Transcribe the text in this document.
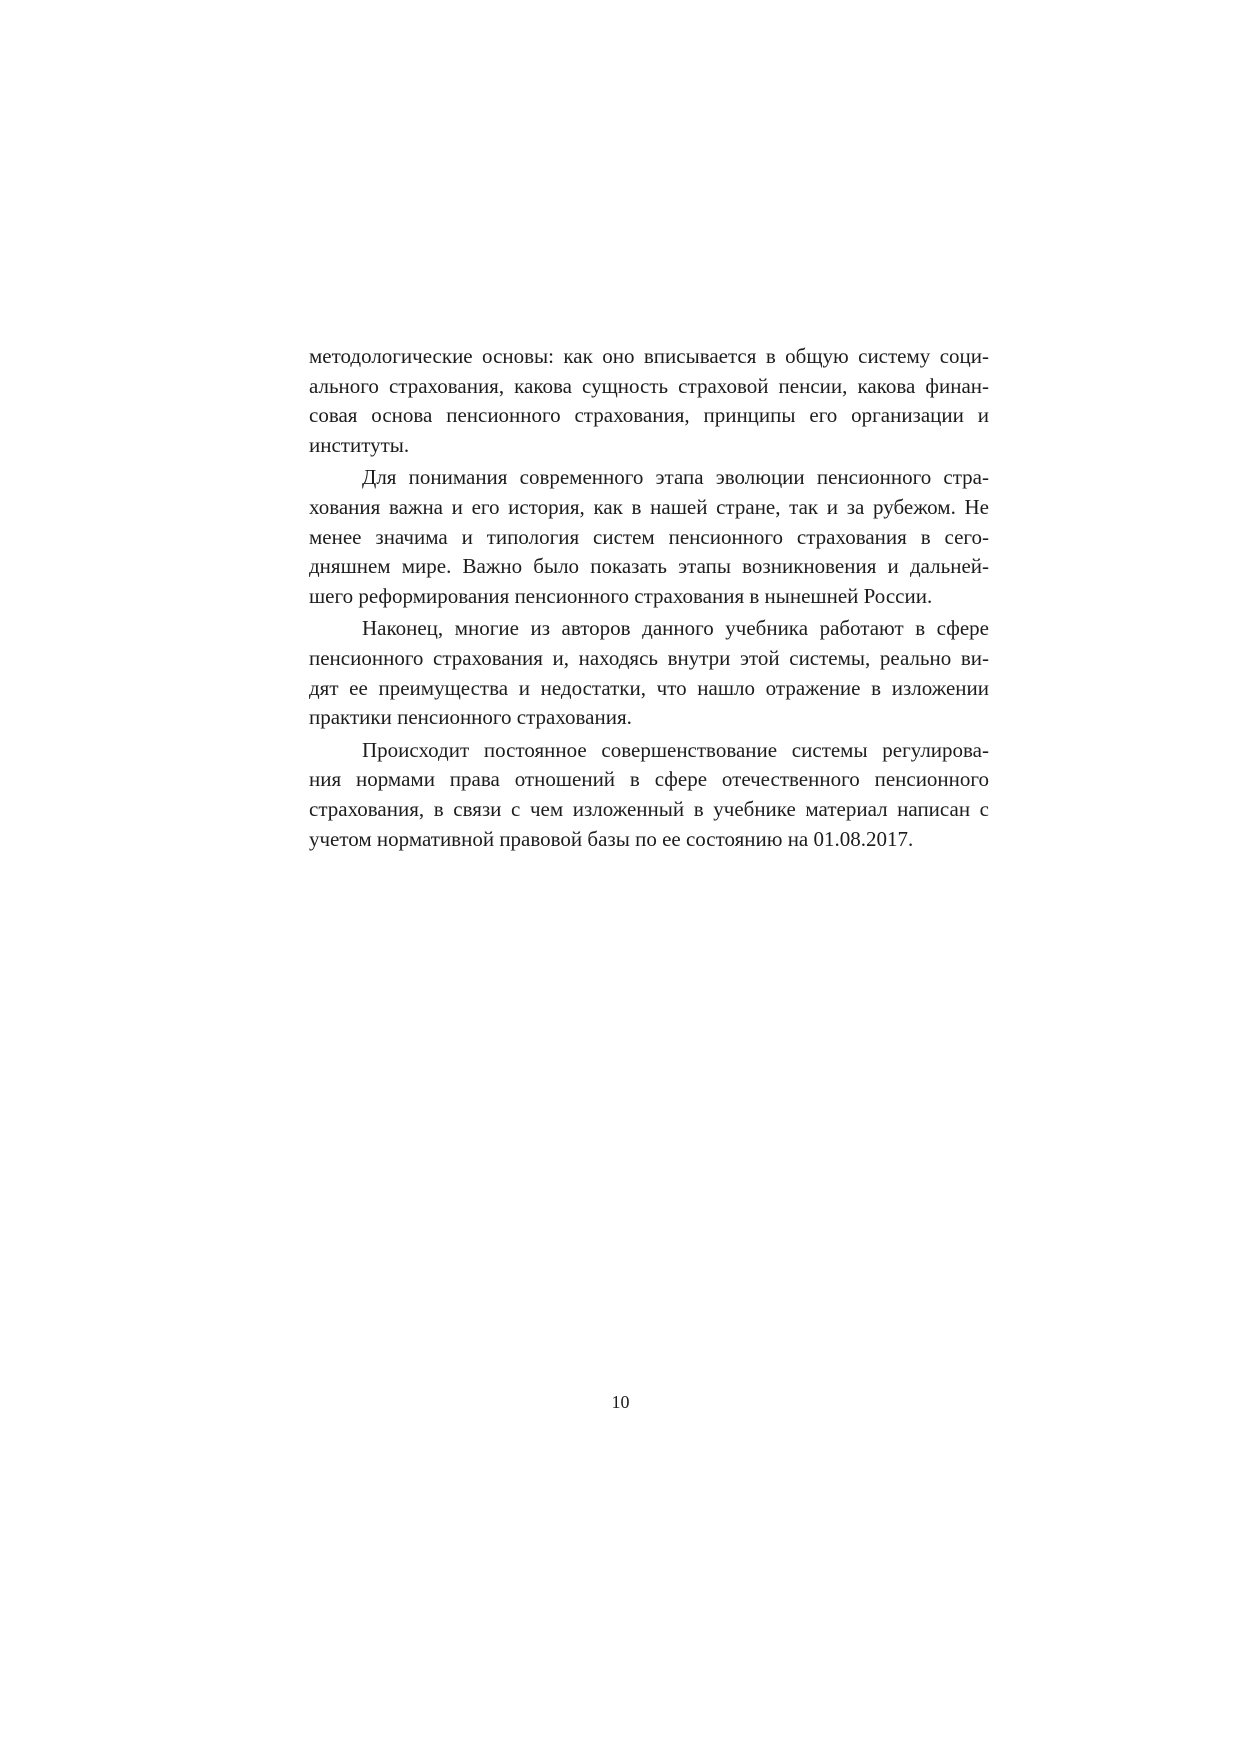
методологические основы: как оно вписывается в общую систему соци-
ального страхования, какова сущность страховой пенсии, какова финан-
совая основа пенсионного страхования, принципы его организации и
институты.
Для понимания современного этапа эволюции пенсионного стра-
хования важна и его история, как в нашей стране, так и за рубежом. Не
менее значима и типология систем пенсионного страхования в сего-
дняшнем мире. Важно было показать этапы возникновения и дальней-
шего реформирования пенсионного страхования в нынешней России.
Наконец, многие из авторов данного учебника работают в сфере
пенсионного страхования и, находясь внутри этой системы, реально ви-
дят ее преимущества и недостатки, что нашло отражение в изложении
практики пенсионного страхования.
Происходит постоянное совершенствование системы регулирова-
ния нормами права отношений в сфере отечественного пенсионного
страхования, в связи с чем изложенный в учебнике материал написан с
учетом нормативной правовой базы по ее состоянию на 01.08.2017.
10
